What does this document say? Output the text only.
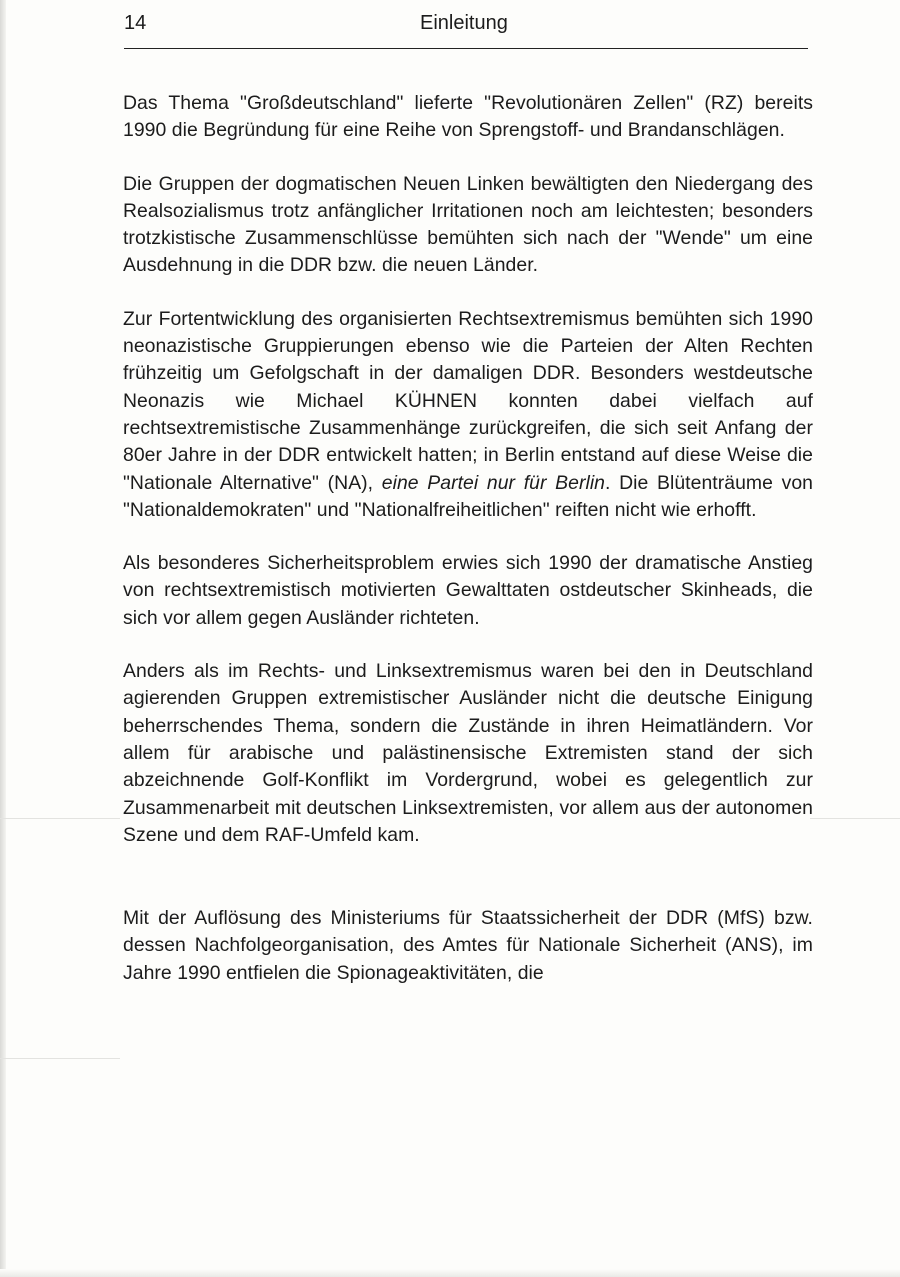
14	Einleitung

Das Thema "Großdeutschland" lieferte "Revolutionären Zellen" (RZ) bereits 1990 die Begründung für eine Reihe von Sprengstoff- und Brandanschlägen.

Die Gruppen der dogmatischen Neuen Linken bewältigten den Niedergang des Realsozialismus trotz anfänglicher Irritationen noch am leichtesten; besonders trotzkistische Zusammenschlüsse bemühten sich nach der "Wende" um eine Ausdehnung in die DDR bzw. die neuen Länder.

Zur Fortentwicklung des organisierten Rechtsextremismus bemühten sich 1990 neonazistische Gruppierungen ebenso wie die Parteien der Alten Rechten frühzeitig um Gefolgschaft in der damaligen DDR. Besonders westdeutsche Neonazis wie Michael KÜHNEN konnten dabei vielfach auf rechtsextremistische Zusammenhänge zurückgreifen, die sich seit Anfang der 80er Jahre in der DDR entwickelt hatten; in Berlin entstand auf diese Weise die "Nationale Alternative" (NA), eine Partei nur für Berlin. Die Blütenträume von "Nationaldemokraten" und "Nationalfreiheitlichen" reiften nicht wie erhofft.

Als besonderes Sicherheitsproblem erwies sich 1990 der dramatische Anstieg von rechtsextremistisch motivierten Gewalttaten ostdeutscher Skinheads, die sich vor allem gegen Ausländer richteten.

Anders als im Rechts- und Linksextremismus waren bei den in Deutschland agierenden Gruppen extremistischer Ausländer nicht die deutsche Einigung beherrschendes Thema, sondern die Zustände in ihren Heimatländern. Vor allem für arabische und palästinensische Extremisten stand der sich abzeichnende Golf-Konflikt im Vordergrund, wobei es gelegentlich zur Zusammenarbeit mit deutschen Linksextremisten, vor allem aus der autonomen Szene und dem RAF-Umfeld kam.

Mit der Auflösung des Ministeriums für Staatssicherheit der DDR (MfS) bzw. dessen Nachfolgeorganisation, des Amtes für Nationale Sicherheit (ANS), im Jahre 1990 entfielen die Spionageaktivitäten, die
